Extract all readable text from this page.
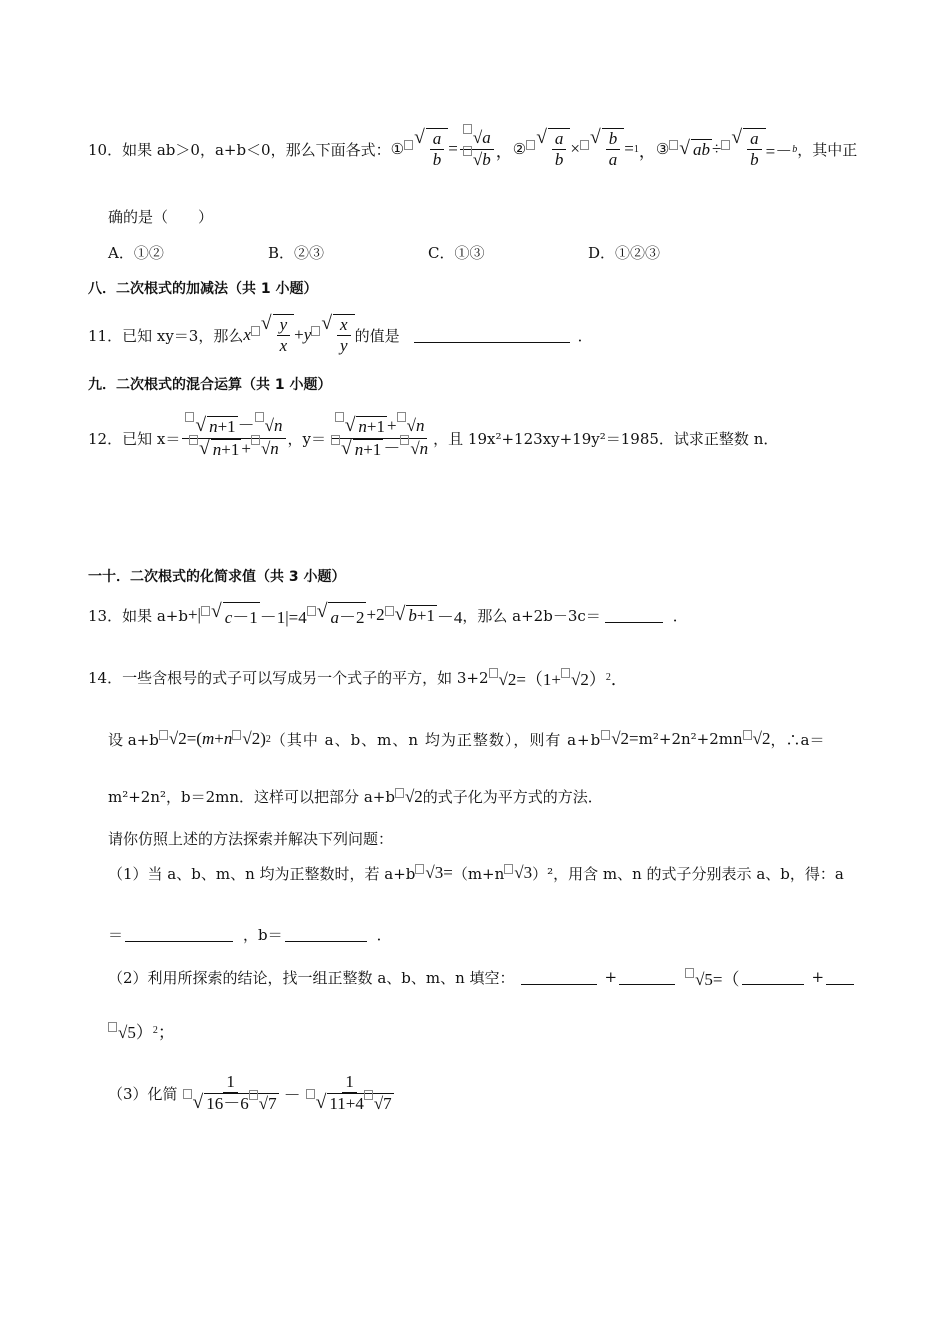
10．如果 ab＞0，a+b＜0，那么下面各式： ①
√ $\frac{a}{b} = \frac{√a}{√b}$ ， ②
√ $\frac{a}{b}$ ×
√ $\frac{b}{a} = 1$ ， ③ √ ab ÷
√ $\frac{a}{b} =- b$ ，其中正
确的是（　　）
A．①②	B．②③	C．①③	D．①②③
八．二次根式的加减法（共 1 小题）
11．已知 xy＝3，那么 x
√ $\frac{y}{x} + y$
√ $\frac{x}{y}$ 的值是	．
九．二次根式的混合运算（共 1 小题）
12．已知 $x= \frac{√ n+1 - √n}{√ n+1 + √n}$ ，$y= \frac{√ n+1 + √n}{√ n+1 - √n}$ ，且 19x²+123xy+19y²＝1985．试求正整数 n．
一十．二次根式的化简求值（共 3 小题）
13．如果 a+b +| √ c－1 －1|=4 √ a－2 +2 √ b+1 －4 ，那么 a+2b－3c＝	．
14．一些含根号的式子可以写成另一个式子的平方，如 3+2 $√2=(1+ √2)_2$ ．
设 a+b √2=( m + n $√2)_2$ （其中 a、b、m、n 均为正整数），则有 a+b √2= m²+2n²+2mn √2 ，∴a＝
m²+2n²，b＝2mn．这样可以把部分 a+b √2 的式子化为平方式的方法．
请你仿照上述的方法探索并解决下列问题：
（1）当 a、b、m、n 均为正整数时，若 a+b √3= （m+n √3 ）²，用含 m、n 的式子分别表示 a、b，得：a
＝	，b＝	．
（2）利用所探索的结论，找一组正整数 a、b、m、n 填空：	+	√5=（	+
$√5)_2$ ；
（3）化简 $\frac{1}{√ 16-6 √7} - \frac{1}{√ 11+4 √7}$
